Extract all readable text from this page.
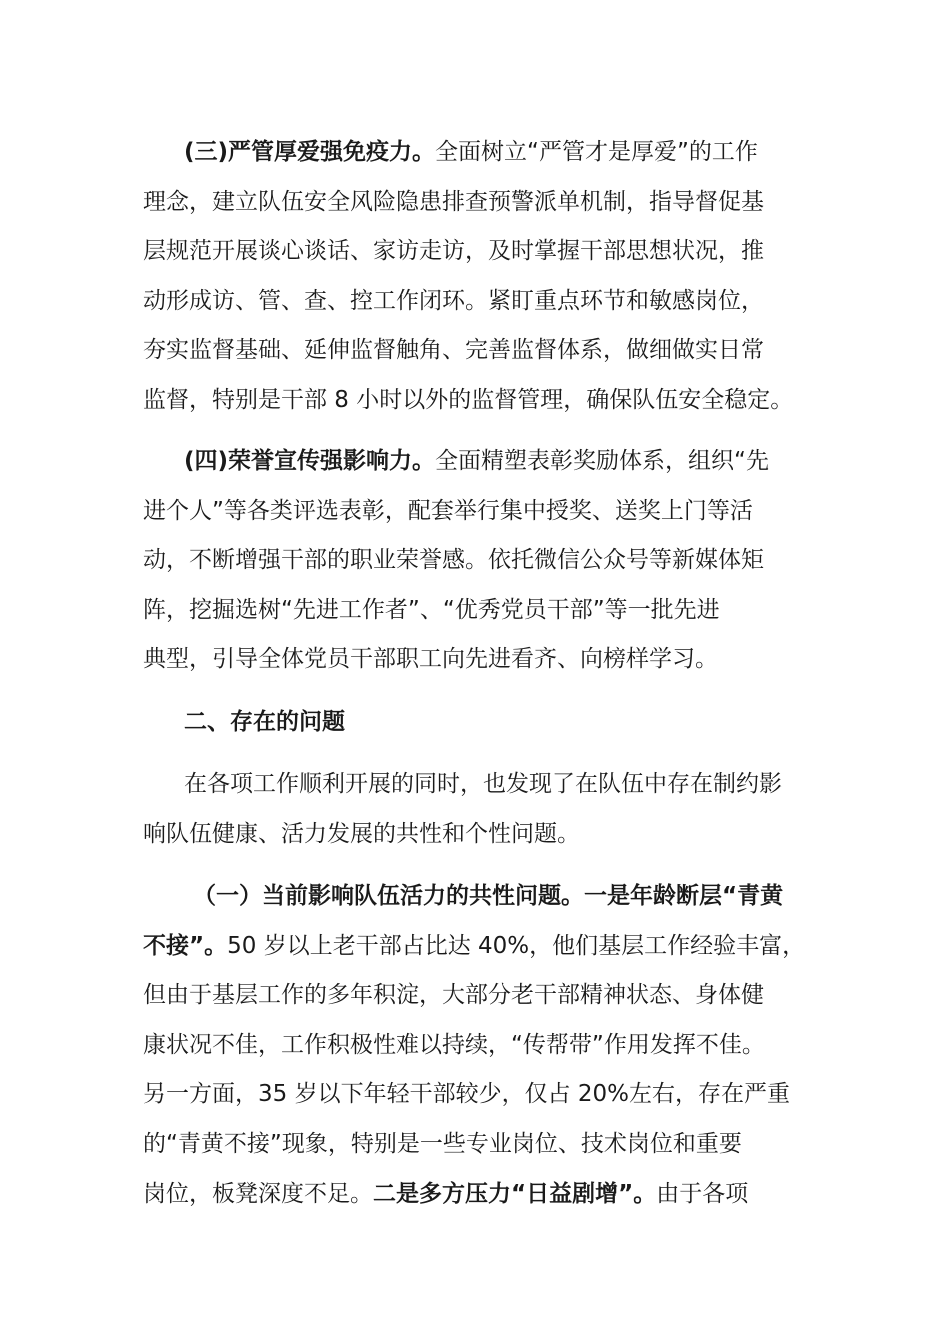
(三)严管厚爱强免疫力。全面树立“严管才是厚爱”的工作
理念，建立队伍安全风险隐患排查预警派单机制，指导督促基
层规范开展谈心谈话、家访走访，及时掌握干部思想状况，推
动形成访、管、查、控工作闭环。紧盯重点环节和敏感岗位，
夯实监督基础、延伸监督触角、完善监督体系，做细做实日常
监督，特别是干部 8 小时以外的监督管理，确保队伍安全稳定。
(四)荣誉宣传强影响力。全面精塑表彰奖励体系，组织“先
进个人”等各类评选表彰，配套举行集中授奖、送奖上门等活
动，不断增强干部的职业荣誉感。依托微信公众号等新媒体矩
阵，挖掘选树“先进工作者”、“优秀党员干部”等一批先进
典型，引导全体党员干部职工向先进看齐、向榜样学习。
二、存在的问题
在各项工作顺利开展的同时，也发现了在队伍中存在制约影
响队伍健康、活力发展的共性和个性问题。
（一）当前影响队伍活力的共性问题。一是年龄断层“青黄
不接”。50 岁以上老干部占比达 40%，他们基层工作经验丰富，
但由于基层工作的多年积淀，大部分老干部精神状态、身体健
康状况不佳，工作积极性难以持续，“传帮带”作用发挥不佳。
另一方面，35 岁以下年轻干部较少，仅占 20%左右，存在严重
的“青黄不接”现象，特别是一些专业岗位、技术岗位和重要
岗位，板凳深度不足。二是多方压力“日益剧增”。由于各项
